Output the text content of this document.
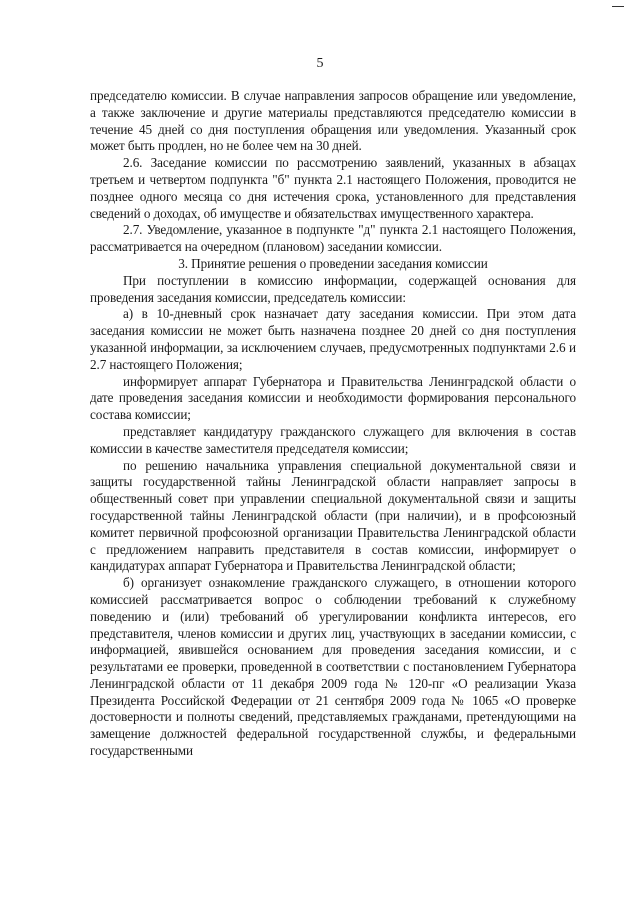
5

председателю комиссии. В случае направления запросов обращение или уведомление, а также заключение и другие материалы представляются председателю комиссии в течение 45 дней со дня поступления обращения или уведомления. Указанный срок может быть продлен, но не более чем на 30 дней.

2.6. Заседание комиссии по рассмотрению заявлений, указанных в абзацах третьем и четвертом подпункта "б" пункта 2.1 настоящего Положения, проводится не позднее одного месяца со дня истечения срока, установленного для представления сведений о доходах, об имуществе и обязательствах имущественного характера.

2.7. Уведомление, указанное в подпункте "д" пункта 2.1 настоящего Положения, рассматривается на очередном (плановом) заседании комиссии.

3. Принятие решения о проведении заседания комиссии

При поступлении в комиссию информации, содержащей основания для проведения заседания комиссии, председатель комиссии:

а) в 10-дневный срок назначает дату заседания комиссии. При этом дата заседания комиссии не может быть назначена позднее 20 дней со дня поступления указанной информации, за исключением случаев, предусмотренных подпунктами 2.6 и 2.7 настоящего Положения;

информирует аппарат Губернатора и Правительства Ленинградской области о дате проведения заседания комиссии и необходимости формирования персонального состава комиссии;

представляет кандидатуру гражданского служащего для включения в состав комиссии в качестве заместителя председателя комиссии;

по решению начальника управления специальной документальной связи и защиты государственной тайны Ленинградской области направляет запросы в общественный совет при управлении специальной документальной связи и защиты государственной тайны Ленинградской области (при наличии), и в профсоюзный комитет первичной профсоюзной организации Правительства Ленинградской области с предложением направить представителя в состав комиссии, информирует о кандидатурах аппарат Губернатора и Правительства Ленинградской области;

б) организует ознакомление гражданского служащего, в отношении которого комиссией рассматривается вопрос о соблюдении требований к служебному поведению и (или) требований об урегулировании конфликта интересов, его представителя, членов комиссии и других лиц, участвующих в заседании комиссии, с информацией, явившейся основанием для проведения заседания комиссии, и с результатами ее проверки, проведенной в соответствии с постановлением Губернатора Ленинградской области от 11 декабря 2009 года № 120-пг «О реализации Указа Президента Российской Федерации от 21 сентября 2009 года № 1065 «О проверке достоверности и полноты сведений, представляемых гражданами, претендующими на замещение должностей федеральной государственной службы, и федеральными государственными
